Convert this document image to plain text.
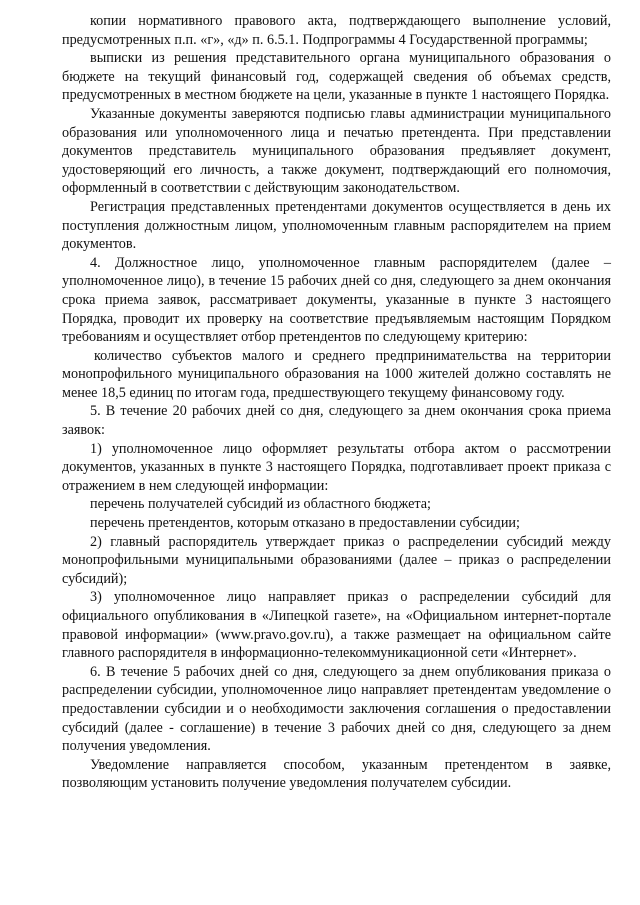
копии нормативного правового акта, подтверждающего выполнение условий, предусмотренных п.п. «г», «д» п. 6.5.1. Подпрограммы 4 Государственной программы;

выписки из решения представительного органа муниципального образования о бюджете на текущий финансовый год, содержащей сведения об объемах средств, предусмотренных в местном бюджете на цели, указанные в пункте 1 настоящего Порядка.

Указанные документы заверяются подписью главы администрации муниципального образования или уполномоченного лица и печатью претендента. При представлении документов представитель муниципального образования предъявляет документ, удостоверяющий его личность, а также документ, подтверждающий его полномочия, оформленный в соответствии с действующим законодательством.

Регистрация представленных претендентами документов осуществляется в день их поступления должностным лицом, уполномоченным главным распорядителем на прием документов.

4. Должностное лицо, уполномоченное главным распорядителем (далее – уполномоченное лицо), в течение 15 рабочих дней со дня, следующего за днем окончания срока приема заявок, рассматривает документы, указанные в пункте 3 настоящего Порядка, проводит их проверку на соответствие предъявляемым настоящим Порядком требованиям и осуществляет отбор претендентов по следующему критерию:

количество субъектов малого и среднего предпринимательства на территории монопрофильного муниципального образования на 1000 жителей должно составлять не менее 18,5 единиц по итогам года, предшествующего текущему финансовому году.

5. В течение 20 рабочих дней со дня, следующего за днем окончания срока приема заявок:

1) уполномоченное лицо оформляет результаты отбора актом о рассмотрении документов, указанных в пункте 3 настоящего Порядка, подготавливает проект приказа с отражением в нем следующей информации:

перечень получателей субсидий из областного бюджета;

перечень претендентов, которым отказано в предоставлении субсидии;

2) главный распорядитель утверждает приказ о распределении субсидий между монопрофильными муниципальными образованиями (далее – приказ о распределении субсидий);

3) уполномоченное лицо направляет приказ о распределении субсидий для официального опубликования в «Липецкой газете», на «Официальном интернет-портале правовой информации» (www.pravo.gov.ru), а также размещает на официальном сайте главного распорядителя в информационно-телекоммуникационной сети «Интернет».

6. В течение 5 рабочих дней со дня, следующего за днем опубликования приказа о распределении субсидии, уполномоченное лицо направляет претендентам уведомление о предоставлении субсидии и о необходимости заключения соглашения о предоставлении субсидий (далее - соглашение) в течение 3 рабочих дней со дня, следующего за днем получения уведомления.

Уведомление направляется способом, указанным претендентом в заявке, позволяющим установить получение уведомления получателем субсидии.
